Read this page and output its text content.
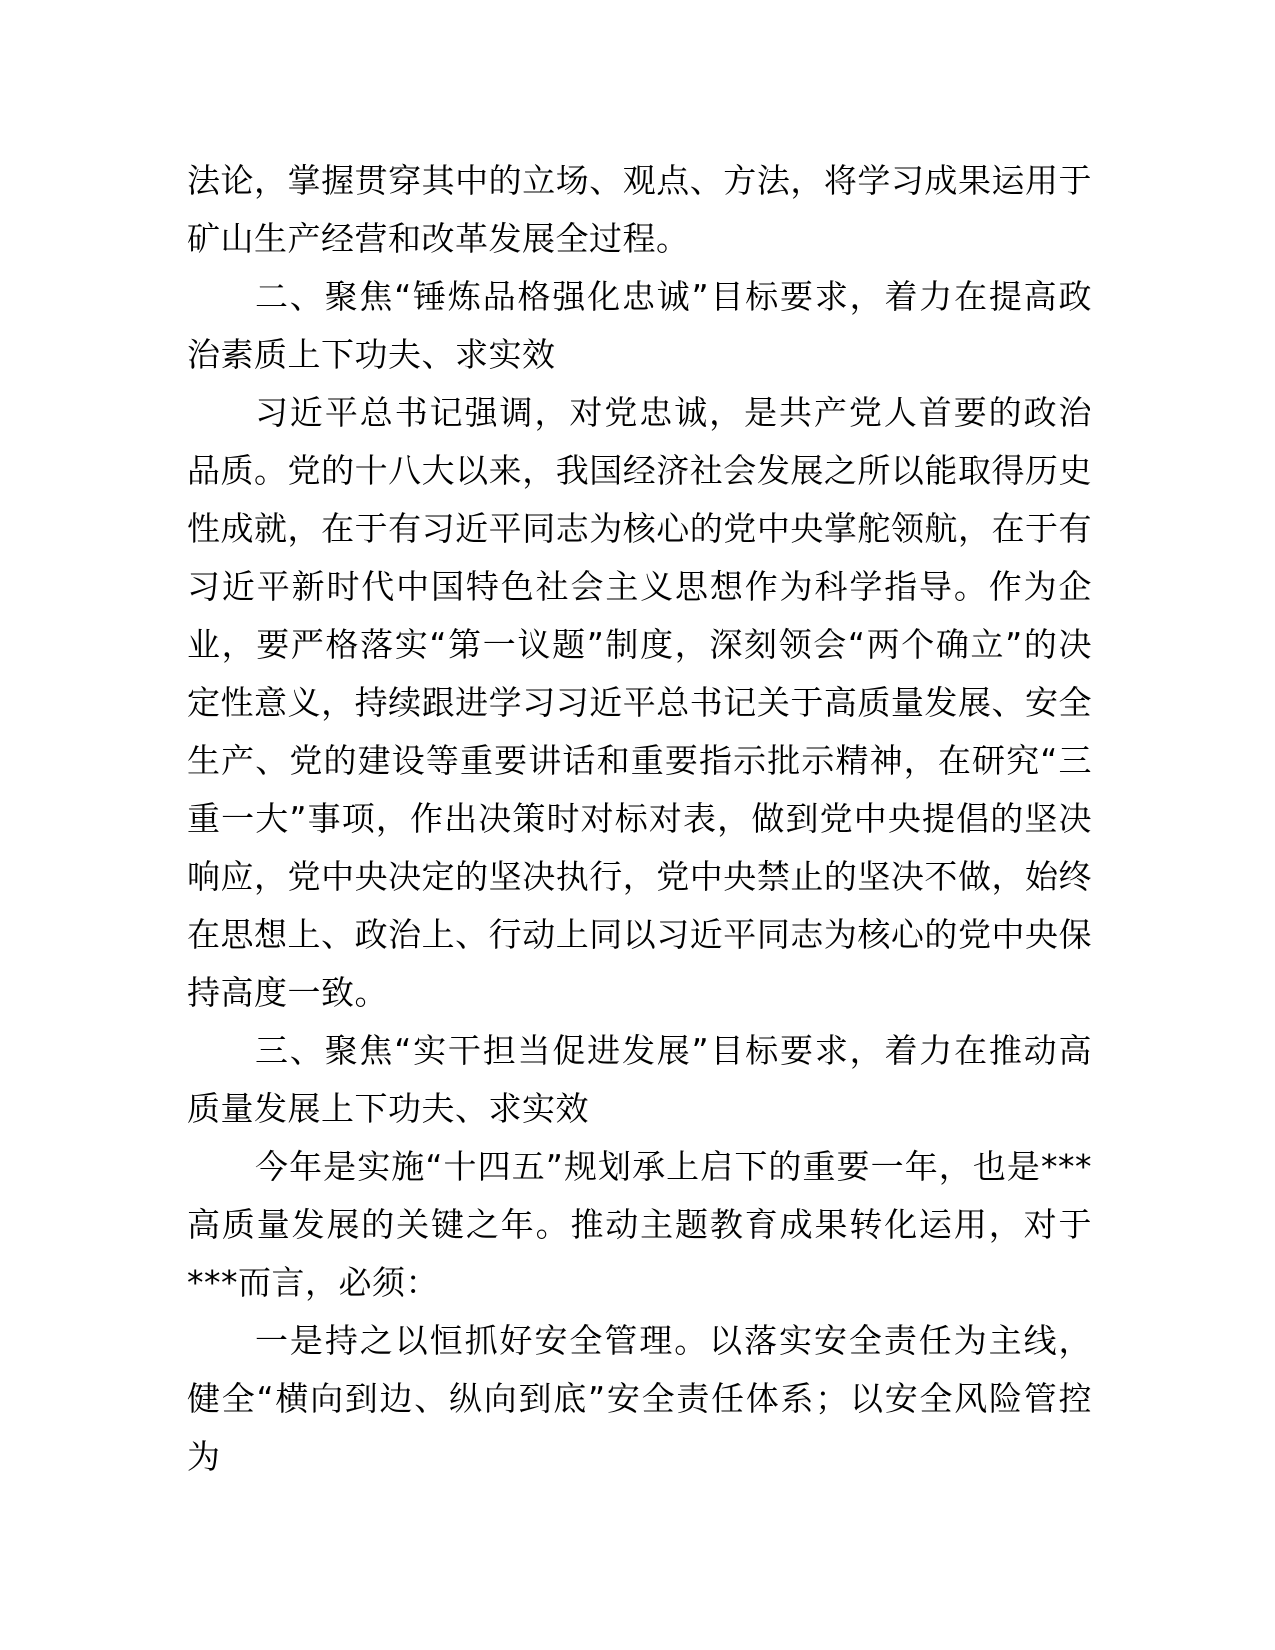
法论，掌握贯穿其中的立场、观点、方法，将学习成果运用于矿山生产经营和改革发展全过程。

二、聚焦“锤炼品格强化忠诚”目标要求，着力在提高政治素质上下功夫、求实效

习近平总书记强调，对党忠诚，是共产党人首要的政治品质。党的十八大以来，我国经济社会发展之所以能取得历史性成就，在于有习近平同志为核心的党中央掌舵领航，在于有习近平新时代中国特色社会主义思想作为科学指导。作为企业，要严格落实“第一议题”制度，深刻领会“两个确立”的决定性意义，持续跟进学习习近平总书记关于高质量发展、安全生产、党的建设等重要讲话和重要指示批示精神，在研究“三重一大”事项，作出决策时对标对表，做到党中央提倡的坚决响应，党中央决定的坚决执行，党中央禁止的坚决不做，始终在思想上、政治上、行动上同以习近平同志为核心的党中央保持高度一致。

三、聚焦“实干担当促进发展”目标要求，着力在推动高质量发展上下功夫、求实效

今年是实施“十四五”规划承上启下的重要一年，也是***高质量发展的关键之年。推动主题教育成果转化运用，对于***而言，必须：

一是持之以恒抓好安全管理。以落实安全责任为主线，健全“横向到边、纵向到底”安全责任体系；以安全风险管控为
